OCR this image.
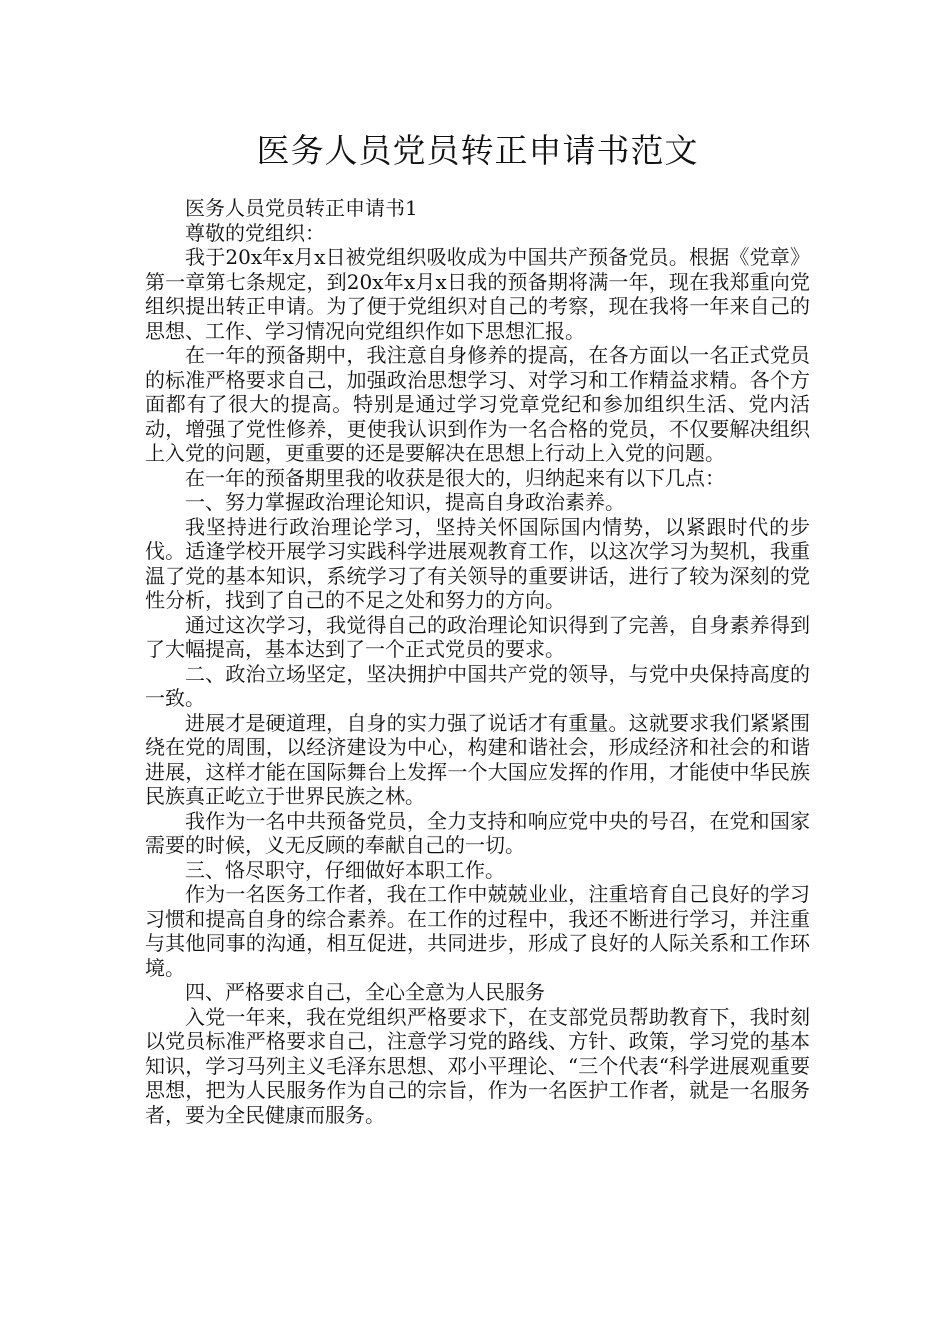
医务人员党员转正申请书范文

医务人员党员转正申请书1

尊敬的党组织：

我于20x年x月x日被党组织吸收成为中国共产预备党员。根据《党章》第一章第七条规定，到20x年x月x日我的预备期将满一年，现在我郑重向党组织提出转正申请。为了便于党组织对自己的考察，现在我将一年来自己的思想、工作、学习情况向党组织作如下思想汇报。

在一年的预备期中，我注意自身修养的提高，在各方面以一名正式党员的标准严格要求自己，加强政治思想学习、对学习和工作精益求精。各个方面都有了很大的提高。特别是通过学习党章党纪和参加组织生活、党内活动，增强了党性修养，更使我认识到作为一名合格的党员，不仅要解决组织上入党的问题，更重要的还是要解决在思想上行动上入党的问题。

在一年的预备期里我的收获是很大的，归纳起来有以下几点：

一、努力掌握政治理论知识，提高自身政治素养。

我坚持进行政治理论学习，坚持关怀国际国内情势，以紧跟时代的步伐。适逢学校开展学习实践科学进展观教育工作，以这次学习为契机，我重温了党的基本知识，系统学习了有关领导的重要讲话，进行了较为深刻的党性分析，找到了自己的不足之处和努力的方向。

通过这次学习，我觉得自己的政治理论知识得到了完善，自身素养得到了大幅提高，基本达到了一个正式党员的要求。

二、政治立场坚定，坚决拥护中国共产党的领导，与党中央保持高度的一致。

进展才是硬道理，自身的实力强了说话才有重量。这就要求我们紧紧围绕在党的周围，以经济建设为中心，构建和谐社会，形成经济和社会的和谐进展，这样才能在国际舞台上发挥一个大国应发挥的作用，才能使中华民族民族真正屹立于世界民族之林。

我作为一名中共预备党员，全力支持和响应党中央的号召，在党和国家需要的时候，义无反顾的奉献自己的一切。

三、恪尽职守，仔细做好本职工作。

作为一名医务工作者，我在工作中兢兢业业，注重培育自己良好的学习习惯和提高自身的综合素养。在工作的过程中，我还不断进行学习，并注重与其他同事的沟通，相互促进，共同进步，形成了良好的人际关系和工作环境。

四、严格要求自己，全心全意为人民服务

入党一年来，我在党组织严格要求下，在支部党员帮助教育下，我时刻以党员标准严格要求自己，注意学习党的路线、方针、政策，学习党的基本知识，学习马列主义毛泽东思想、邓小平理论、“三个代表“科学进展观重要思想，把为人民服务作为自己的宗旨，作为一名医护工作者，就是一名服务者，要为全民健康而服务。
